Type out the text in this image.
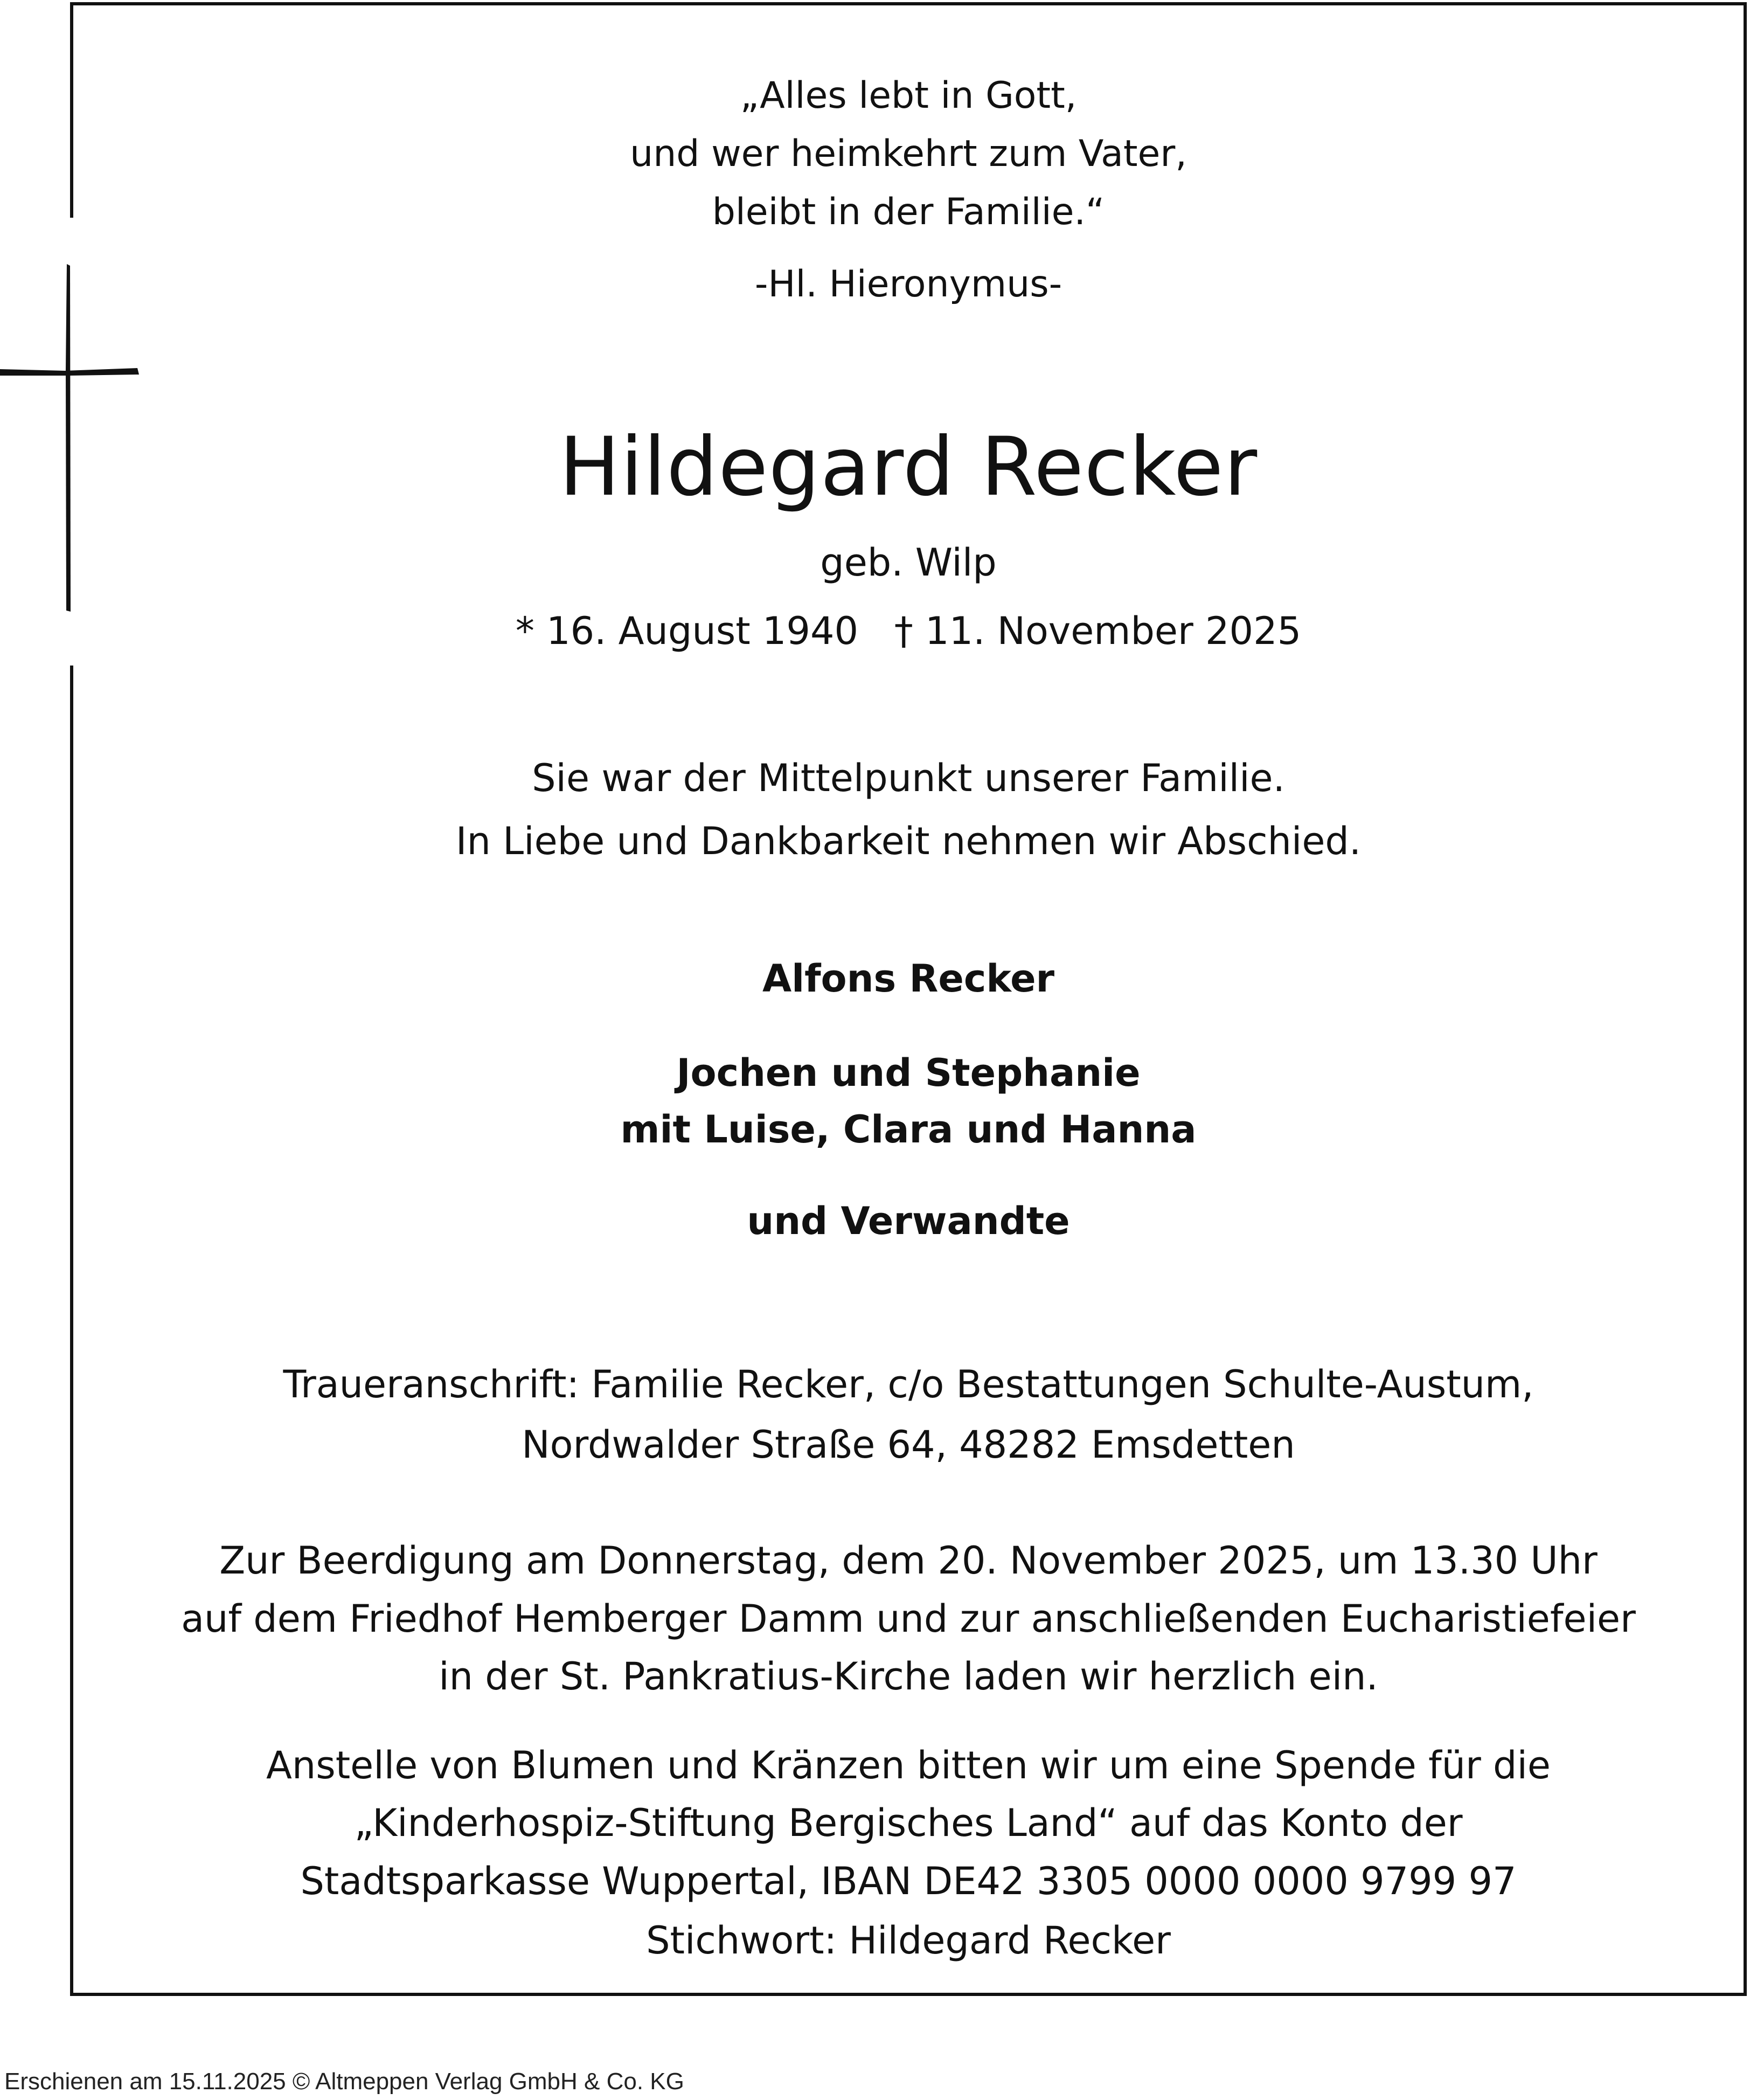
„Alles lebt in Gott,
und wer heimkehrt zum Vater,
bleibt in der Familie.“
-Hl. Hieronymus-
Hildegard Recker
geb. Wilp
* 16. August 1940   † 11. November 2025
Sie war der Mittelpunkt unserer Familie.
In Liebe und Dankbarkeit nehmen wir Abschied.
Alfons Recker
Jochen und Stephanie
mit Luise, Clara und Hanna
und Verwandte
Traueranschrift: Familie Recker, c/o Bestattungen Schulte-Austum,
Nordwalder Straße 64, 48282 Emsdetten
Zur Beerdigung am Donnerstag, dem 20. November 2025, um 13.30 Uhr
auf dem Friedhof Hemberger Damm und zur anschließenden Eucharistiefeier
in der St. Pankratius-Kirche laden wir herzlich ein.
Anstelle von Blumen und Kränzen bitten wir um eine Spende für die
„Kinderhospiz-Stiftung Bergisches Land“ auf das Konto der
Stadtsparkasse Wuppertal, IBAN DE42 3305 0000 0000 9799 97
Stichwort: Hildegard Recker
Erschienen am 15.11.2025 © Altmeppen Verlag GmbH & Co. KG
